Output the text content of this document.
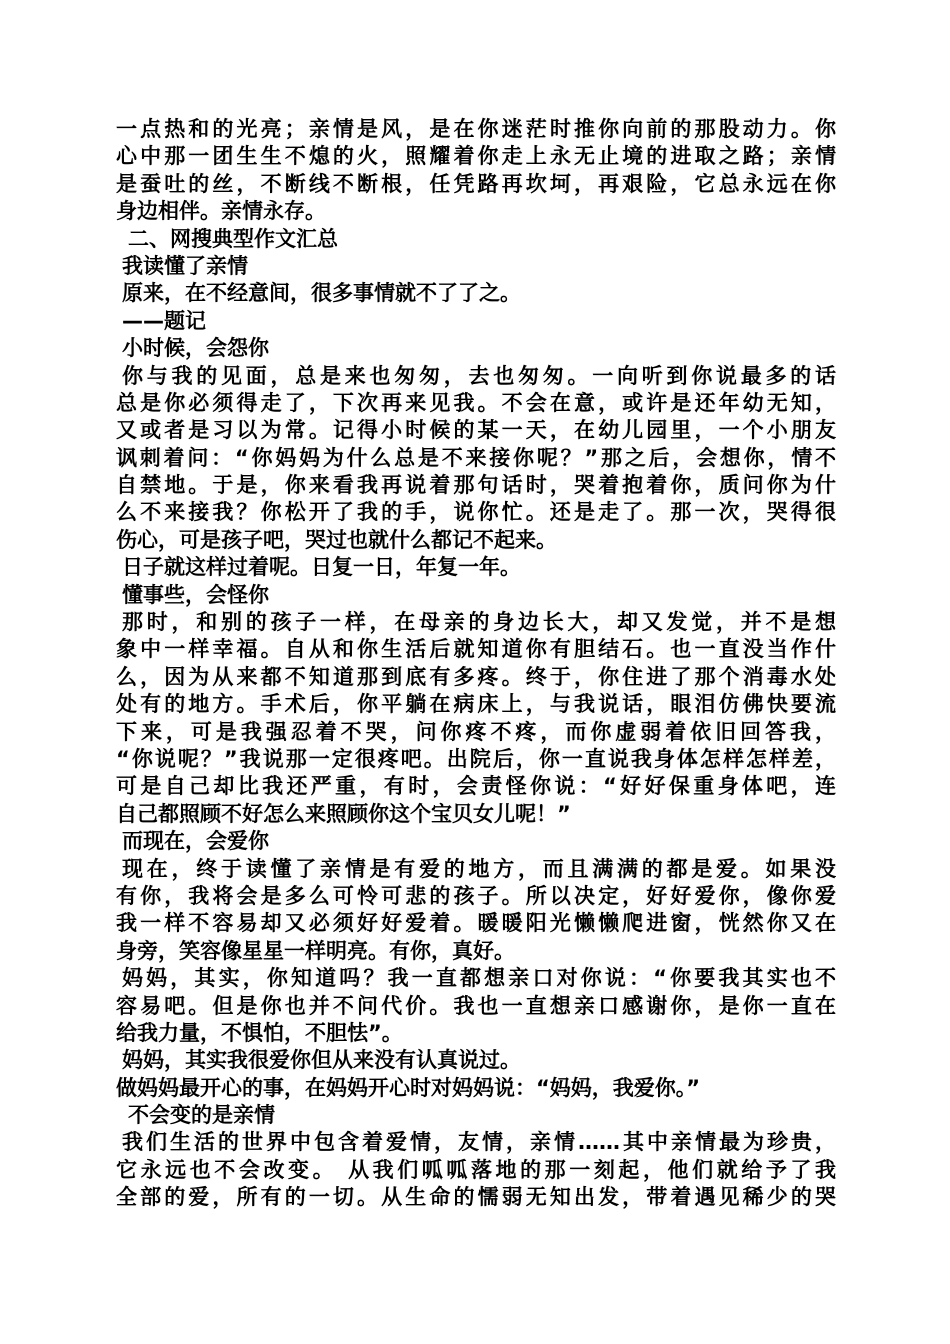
一点热和的光亮；亲情是风，是在你迷茫时推你向前的那股动力。你
心中那一团生生不熄的火，照耀着你走上永无止境的进取之路；亲情
是蚕吐的丝，不断线不断根，任凭路再坎坷，再艰险，它总永远在你
身边相伴。亲情永存。
二、网搜典型作文汇总
我读懂了亲情
原来，在不经意间，很多事情就不了了之。
——题记
小时候，会怨你
你与我的见面，总是来也匆匆，去也匆匆。一向听到你说最多的话
总是你必须得走了，下次再来见我。不会在意，或许是还年幼无知，
又或者是习以为常。记得小时候的某一天，在幼儿园里，一个小朋友
讽刺着问：“你妈妈为什么总是不来接你呢？”那之后，会想你，情不
自禁地。于是，你来看我再说着那句话时，哭着抱着你，质问你为什
么不来接我？你松开了我的手，说你忙。还是走了。那一次，哭得很
伤心，可是孩子吧，哭过也就什么都记不起来。
日子就这样过着呢。日复一日，年复一年。
懂事些，会怪你
那时，和别的孩子一样，在母亲的身边长大，却又发觉，并不是想
象中一样幸福。自从和你生活后就知道你有胆结石。也一直没当作什
么，因为从来都不知道那到底有多疼。终于，你住进了那个消毒水处
处有的地方。手术后，你平躺在病床上，与我说话，眼泪仿佛快要流
下来，可是我强忍着不哭，问你疼不疼，而你虚弱着依旧回答我，
“你说呢？”我说那一定很疼吧。出院后，你一直说我身体怎样怎样差，
可是自己却比我还严重，有时，会责怪你说：“好好保重身体吧，连
自己都照顾不好怎么来照顾你这个宝贝女儿呢！”
而现在，会爱你
现在，终于读懂了亲情是有爱的地方，而且满满的都是爱。如果没
有你，我将会是多么可怜可悲的孩子。所以决定，好好爱你，像你爱
我一样不容易却又必须好好爱着。暖暖阳光懒懒爬进窗，恍然你又在
身旁，笑容像星星一样明亮。有你，真好。
妈妈，其实，你知道吗？我一直都想亲口对你说：“你要我其实也不
容易吧。但是你也并不问代价。我也一直想亲口感谢你，是你一直在
给我力量，不惧怕，不胆怯”。
妈妈，其实我很爱你但从来没有认真说过。
做妈妈最开心的事，在妈妈开心时对妈妈说：“妈妈，我爱你。”
不会变的是亲情
我们生活的世界中包含着爱情，友情，亲情……其中亲情最为珍贵，
它永远也不会改变。 从我们呱呱落地的那一刻起，他们就给予了我
全部的爱，所有的一切。从生命的懦弱无知出发，带着遇见稀少的哭
